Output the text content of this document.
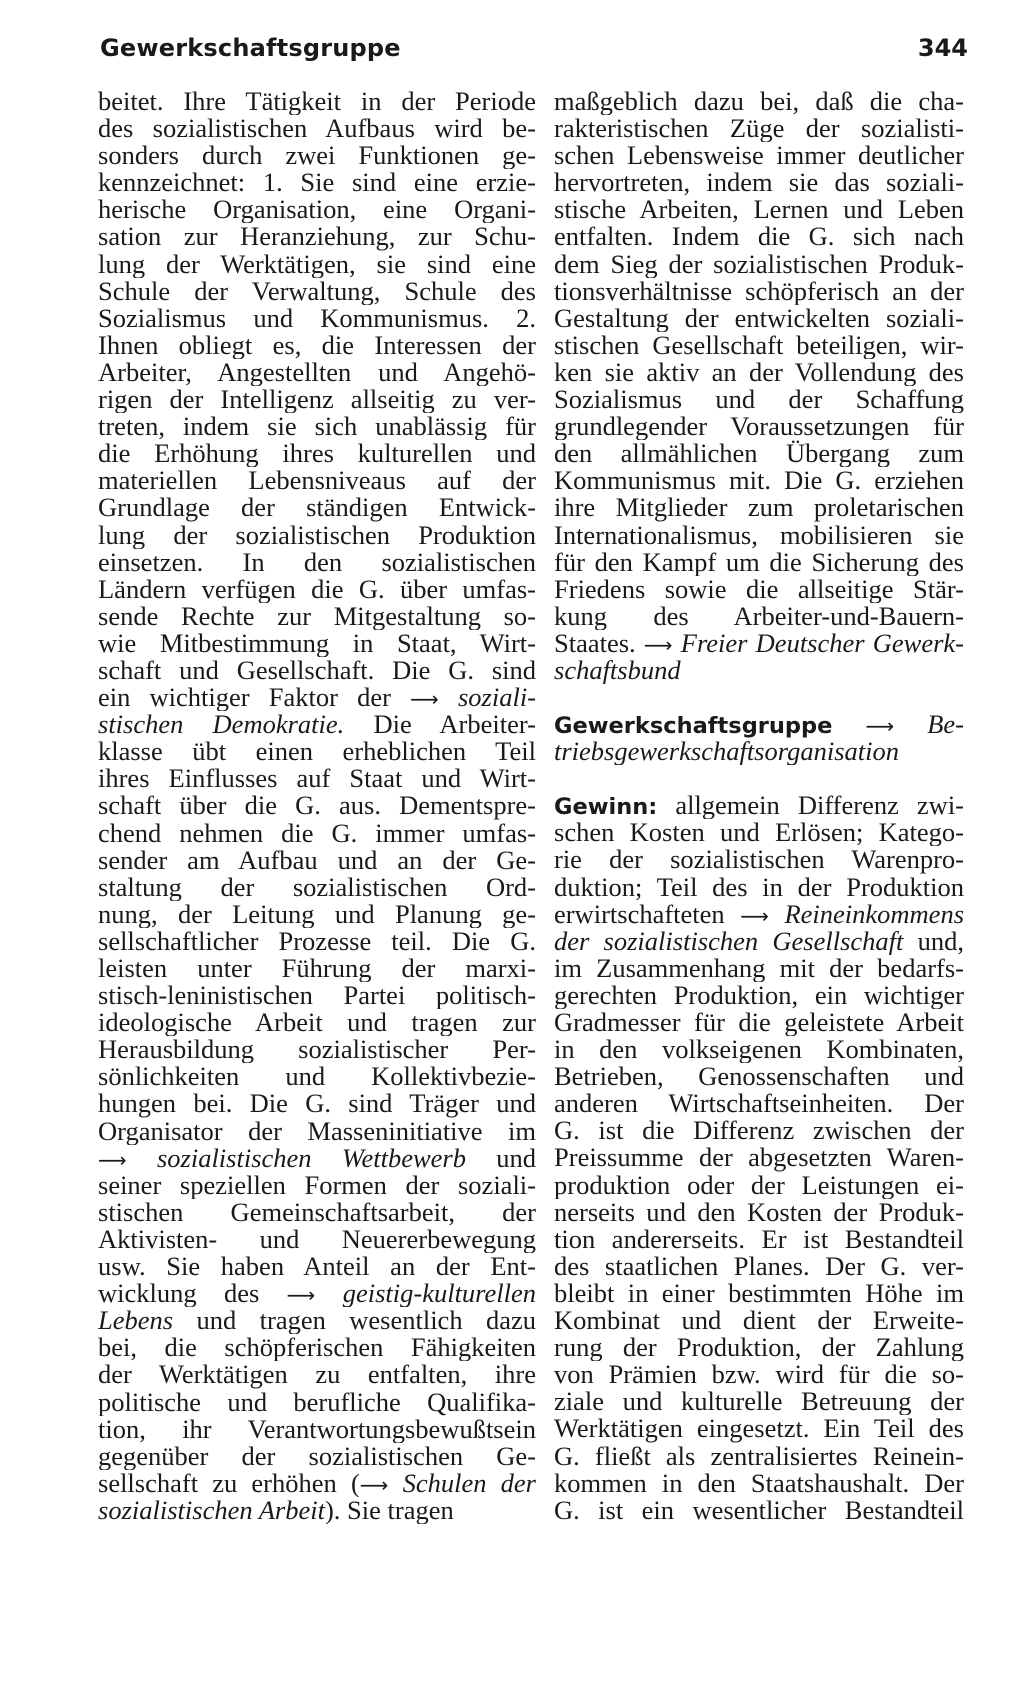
Gewerkschaftsgruppe	344
beitet. Ihre Tätigkeit in der Periode
des sozialistischen Aufbaus wird be-
sonders durch zwei Funktionen ge-
kennzeichnet: 1. Sie sind eine erzie-
herische Organisation, eine Organi-
sation zur Heranziehung, zur Schu-
lung der Werktätigen, sie sind eine
Schule der Verwaltung, Schule des
Sozialismus und Kommunismus. 2.
Ihnen obliegt es, die Interessen der
Arbeiter, Angestellten und Angehö-
rigen der Intelligenz allseitig zu ver-
treten, indem sie sich unablässig für
die Erhöhung ihres kulturellen und
materiellen Lebensniveaus auf der
Grundlage der ständigen Entwick-
lung der sozialistischen Produktion
einsetzen. In den sozialistischen
Ländern verfügen die G. über umfas-
sende Rechte zur Mitgestaltung so-
wie Mitbestimmung in Staat, Wirt-
schaft und Gesellschaft. Die G. sind
ein wichtiger Faktor der ⟶ soziali-
stischen Demokratie. Die Arbeiter-
klasse übt einen erheblichen Teil
ihres Einflusses auf Staat und Wirt-
schaft über die G. aus. Dementspre-
chend nehmen die G. immer umfas-
sender am Aufbau und an der Ge-
staltung der sozialistischen Ord-
nung, der Leitung und Planung ge-
sellschaftlicher Prozesse teil. Die G.
leisten unter Führung der marxi-
stisch-leninistischen Partei politisch-
ideologische Arbeit und tragen zur
Herausbildung sozialistischer Per-
sönlichkeiten und Kollektivbezie-
hungen bei. Die G. sind Träger und
Organisator der Masseninitiative im
⟶ sozialistischen Wettbewerb und
seiner speziellen Formen der soziali-
stischen Gemeinschaftsarbeit, der
Aktivisten- und Neuererbewegung
usw. Sie haben Anteil an der Ent-
wicklung des ⟶ geistig-kulturellen
Lebens und tragen wesentlich dazu
bei, die schöpferischen Fähigkeiten
der Werktätigen zu entfalten, ihre
politische und berufliche Qualifika-
tion, ihr Verantwortungsbewußtsein
gegenüber der sozialistischen Ge-
sellschaft zu erhöhen (⟶ Schulen der
sozialistischen Arbeit). Sie tragen
maßgeblich dazu bei, daß die cha-
rakteristischen Züge der sozialisti-
schen Lebensweise immer deutlicher
hervortreten, indem sie das soziali-
stische Arbeiten, Lernen und Leben
entfalten. Indem die G. sich nach
dem Sieg der sozialistischen Produk-
tionsverhältnisse schöpferisch an der
Gestaltung der entwickelten soziali-
stischen Gesellschaft beteiligen, wir-
ken sie aktiv an der Vollendung des
Sozialismus und der Schaffung
grundlegender Voraussetzungen für
den allmählichen Übergang zum
Kommunismus mit. Die G. erziehen
ihre Mitglieder zum proletarischen
Internationalismus, mobilisieren sie
für den Kampf um die Sicherung des
Friedens sowie die allseitige Stär-
kung des Arbeiter-und-Bauern-
Staates. ⟶ Freier Deutscher Gewerk-
schaftsbund
Gewerkschaftsgruppe ⟶ Be-
triebsgewerkschaftsorganisation
Gewinn: allgemein Differenz zwi-
schen Kosten und Erlösen; Katego-
rie der sozialistischen Warenpro-
duktion; Teil des in der Produktion
erwirtschafteten ⟶ Reineinkommens
der sozialistischen Gesellschaft und,
im Zusammenhang mit der bedarfs-
gerechten Produktion, ein wichtiger
Gradmesser für die geleistete Arbeit
in den volkseigenen Kombinaten,
Betrieben, Genossenschaften und
anderen Wirtschaftseinheiten. Der
G. ist die Differenz zwischen der
Preissumme der abgesetzten Waren-
produktion oder der Leistungen ei-
nerseits und den Kosten der Produk-
tion andererseits. Er ist Bestandteil
des staatlichen Planes. Der G. ver-
bleibt in einer bestimmten Höhe im
Kombinat und dient der Erweite-
rung der Produktion, der Zahlung
von Prämien bzw. wird für die so-
ziale und kulturelle Betreuung der
Werktätigen eingesetzt. Ein Teil des
G. fließt als zentralisiertes Reinein-
kommen in den Staatshaushalt. Der
G. ist ein wesentlicher Bestandteil
